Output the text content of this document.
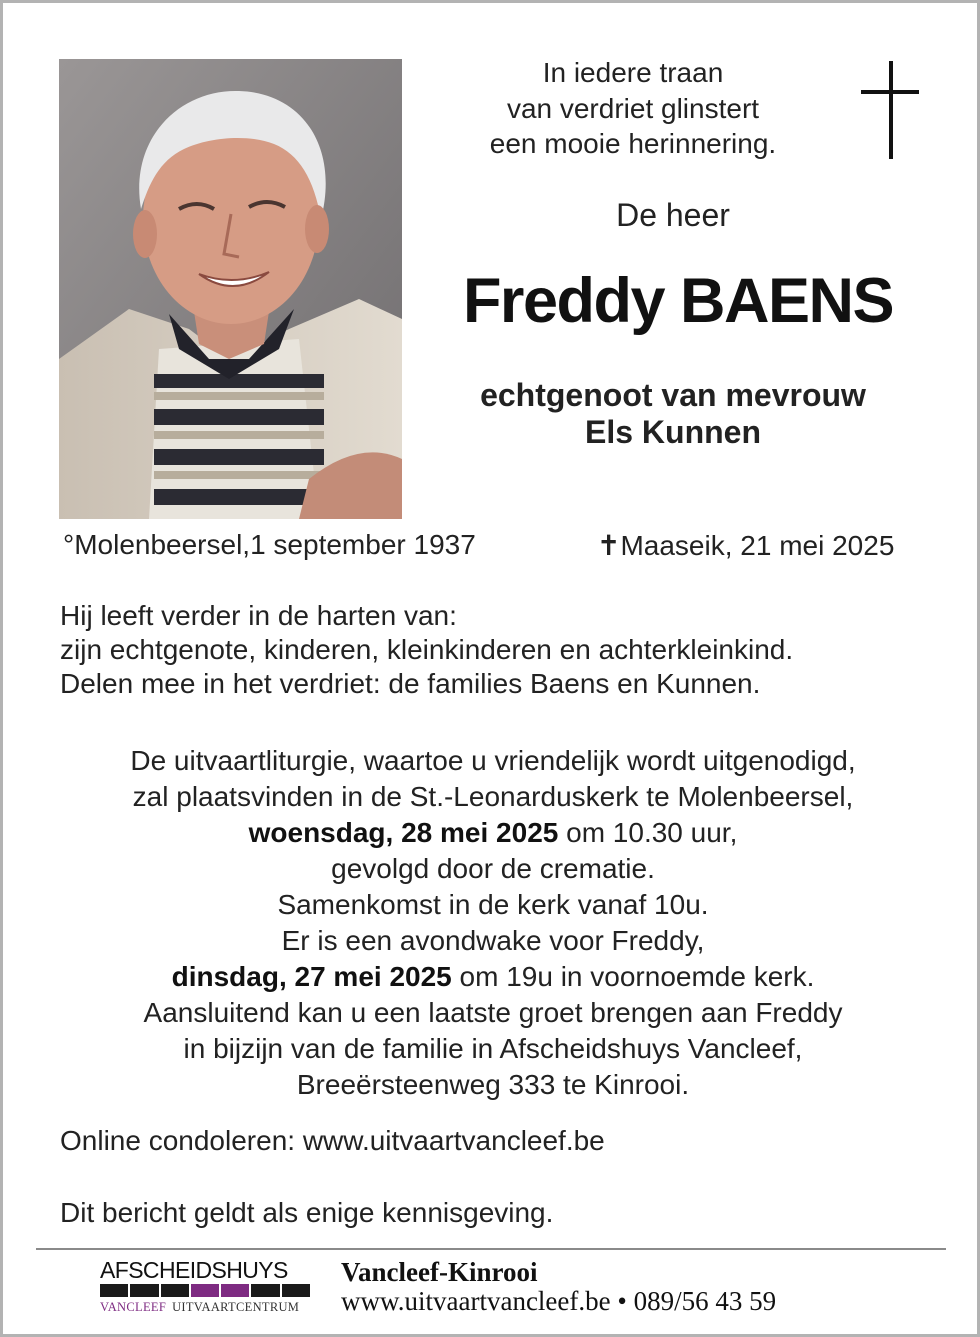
In iedere traan
van verdriet glinstert
een mooie herinnering.
De heer
Freddy BAENS
echtgenoot van mevrouw
Els Kunnen
°Molenbeersel,1 september 1937	✝Maaseik, 21 mei 2025
Hij leeft verder in de harten van:
zijn echtgenote, kinderen, kleinkinderen en achterkleinkind.
Delen mee in het verdriet: de families Baens en Kunnen.
De uitvaartliturgie, waartoe u vriendelijk wordt uitgenodigd,
zal plaatsvinden in de St.-Leonarduskerk te Molenbeersel,
woensdag, 28 mei 2025 om 10.30 uur,
gevolgd door de crematie.
Samenkomst in de kerk vanaf 10u.
Er is een avondwake voor Freddy,
dinsdag, 27 mei 2025 om 19u in voornoemde kerk.
Aansluitend kan u een laatste groet brengen aan Freddy
in bijzijn van de familie in Afscheidshuys Vancleef,
Breeërsteenweg 333 te Kinrooi.
Online condoleren: www.uitvaartvancleef.be
Dit bericht geldt als enige kennisgeving.
AFSCHEIDSHUYS
VANCLEEF UITVAARTCENTRUM
Vancleef-Kinrooi
www.uitvaartvancleef.be • 089/56 43 59
